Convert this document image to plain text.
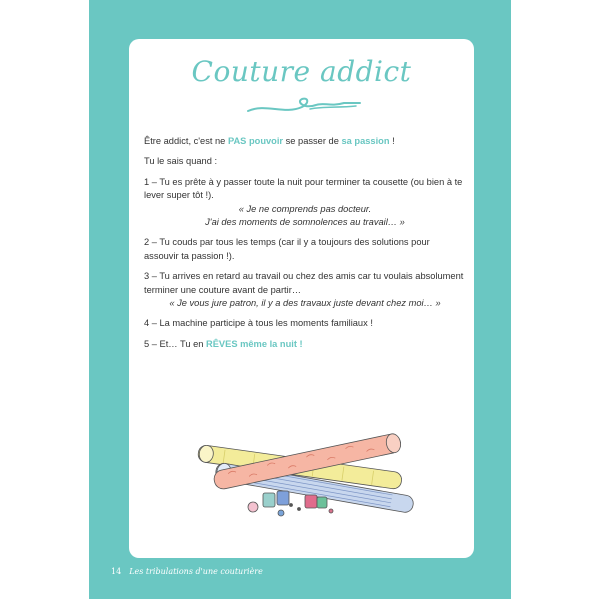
Couture addict

Être addict, c'est ne PAS pouvoir se passer de sa passion !

Tu le sais quand :

1 – Tu es prête à y passer toute la nuit pour terminer ta cousette (ou bien à te lever super tôt !).

« Je ne comprends pas docteur.

J'ai des moments de somnolences au travail… »

2 – Tu couds par tous les temps (car il y a toujours des solutions pour assouvir ta passion !).

3 – Tu arrives en retard au travail ou chez des amis car tu voulais absolument terminer une couture avant de partir…

« Je vous jure patron, il y a des travaux juste devant chez moi… »

4 – La machine participe à tous les moments familiaux !

5 – Et… Tu en RÊVES même la nuit !

14 Les tribulations d'une couturière
